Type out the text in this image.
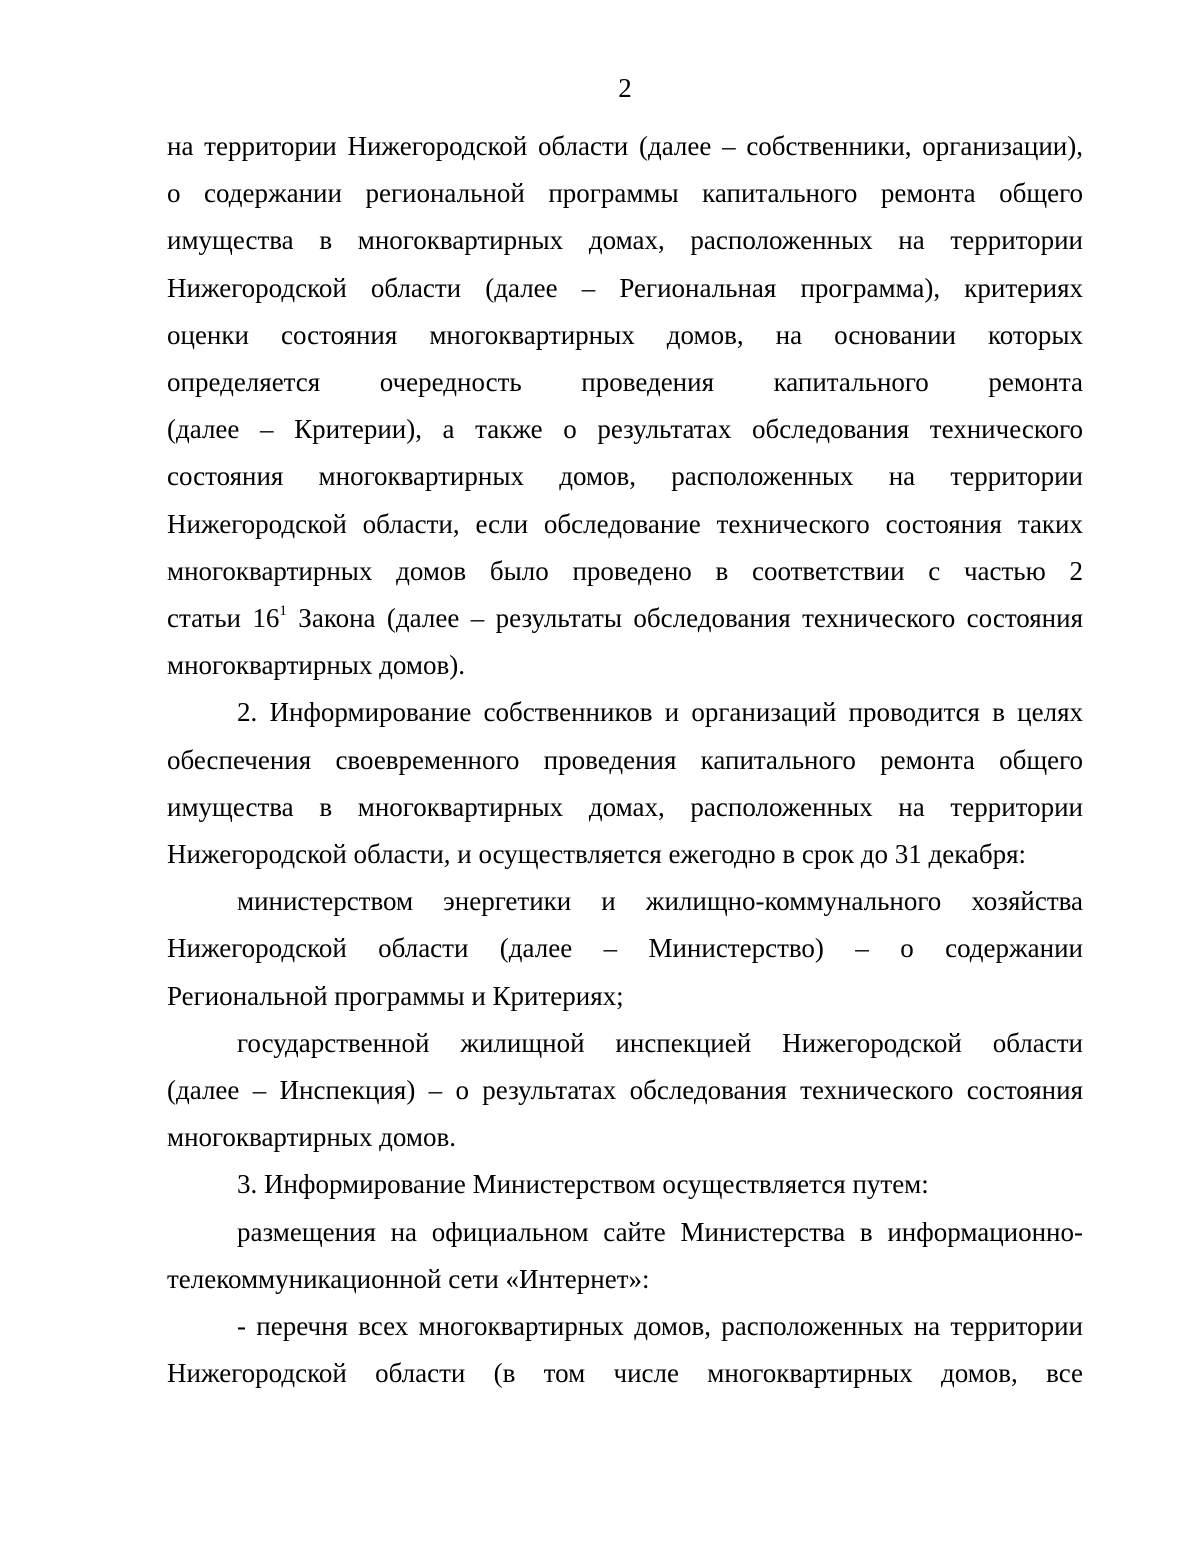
2
на территории Нижегородской области (далее – собственники, организации),
о содержании региональной программы капитального ремонта общего
имущества в многоквартирных домах, расположенных на территории
Нижегородской области (далее – Региональная программа), критериях
оценки состояния многоквартирных домов, на основании которых
определяется очередность проведения капитального ремонта
(далее – Критерии), а также о результатах обследования технического
состояния многоквартирных домов, расположенных на территории
Нижегородской области, если обследование технического состояния таких
многоквартирных домов было проведено в соответствии с частью 2
статьи $16^1$ Закона (далее – результаты обследования технического состояния
многоквартирных домов).
2. Информирование собственников и организаций проводится в целях
обеспечения своевременного проведения капитального ремонта общего
имущества в многоквартирных домах, расположенных на территории
Нижегородской области, и осуществляется ежегодно в срок до 31 декабря:
министерством энергетики и жилищно-коммунального хозяйства
Нижегородской области (далее – Министерство) – о содержании
Региональной программы и Критериях;
государственной жилищной инспекцией Нижегородской области
(далее – Инспекция) – о результатах обследования технического состояния
многоквартирных домов.
3. Информирование Министерством осуществляется путем:
размещения на официальном сайте Министерства в информационно-
телекоммуникационной сети «Интернет»:
- перечня всех многоквартирных домов, расположенных на территории
Нижегородской области (в том числе многоквартирных домов, все
